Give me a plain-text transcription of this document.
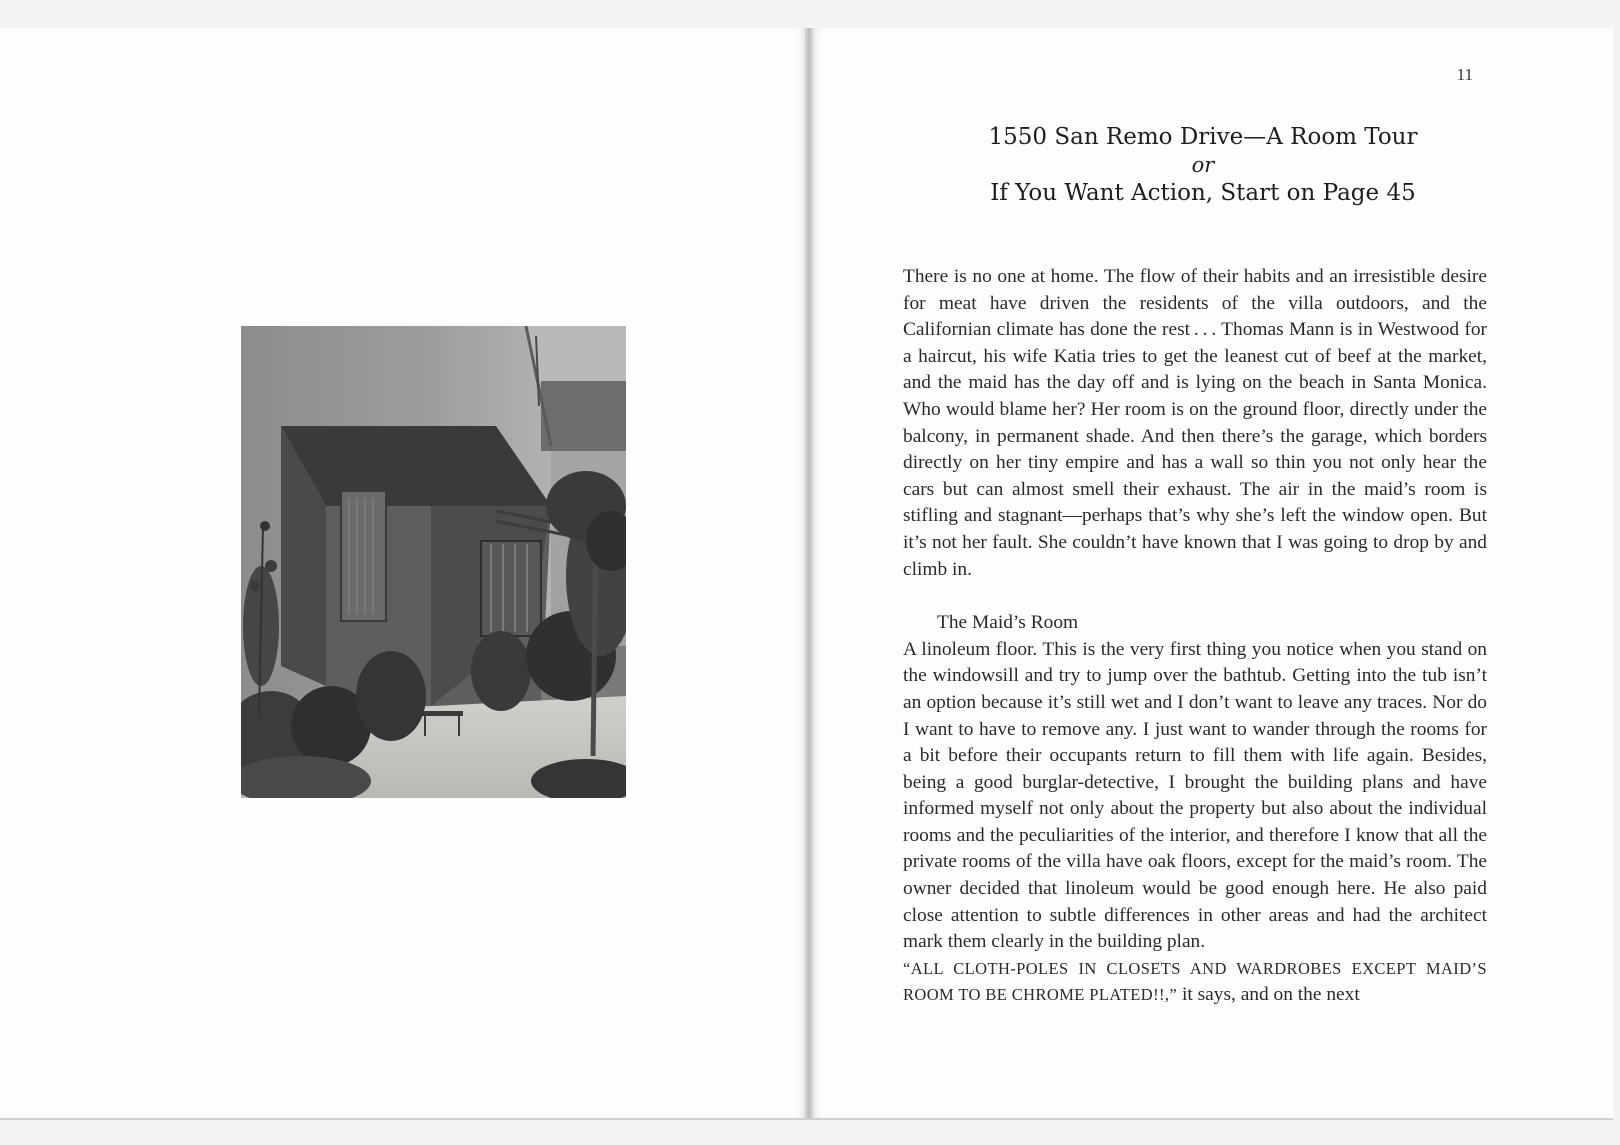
11
1550 San Remo Drive—A Room Tour
or
If You Want Action, Start on Page 45

There is no one at home. The flow of their habits and an irresistible desire for meat have driven the residents of the villa outdoors, and the Californian climate has done the rest . . . Thomas Mann is in Westwood for a haircut, his wife Katia tries to get the leanest cut of beef at the market, and the maid has the day off and is lying on the beach in Santa Monica. Who would blame her? Her room is on the ground floor, directly under the balcony, in permanent shade. And then there’s the garage, which borders directly on her tiny empire and has a wall so thin you not only hear the cars but can almost smell their exhaust. The air in the maid’s room is stifling and stagnant—perhaps that’s why she’s left the window open. But it’s not her fault. She couldn’t have known that I was going to drop by and climb in.

The Maid’s Room

A linoleum floor. This is the very first thing you notice when you stand on the windowsill and try to jump over the bathtub. Getting into the tub isn’t an option because it’s still wet and I don’t want to leave any traces. Nor do I want to have to remove any. I just want to wander through the rooms for a bit before their occupants return to fill them with life again. Besides, being a good burglar-detective, I brought the building plans and have informed myself not only about the property but also about the individual rooms and the peculiarities of the interior, and therefore I know that all the private rooms of the villa have oak floors, except for the maid’s room. The owner decided that linoleum would be good enough here. He also paid close attention to subtle differences in other areas and had the architect mark them clearly in the building plan.

“ALL CLOTH-POLES IN CLOSETS AND WARDROBES EXCEPT MAID’S ROOM TO BE CHROME PLATED!!,” it says, and on the next
